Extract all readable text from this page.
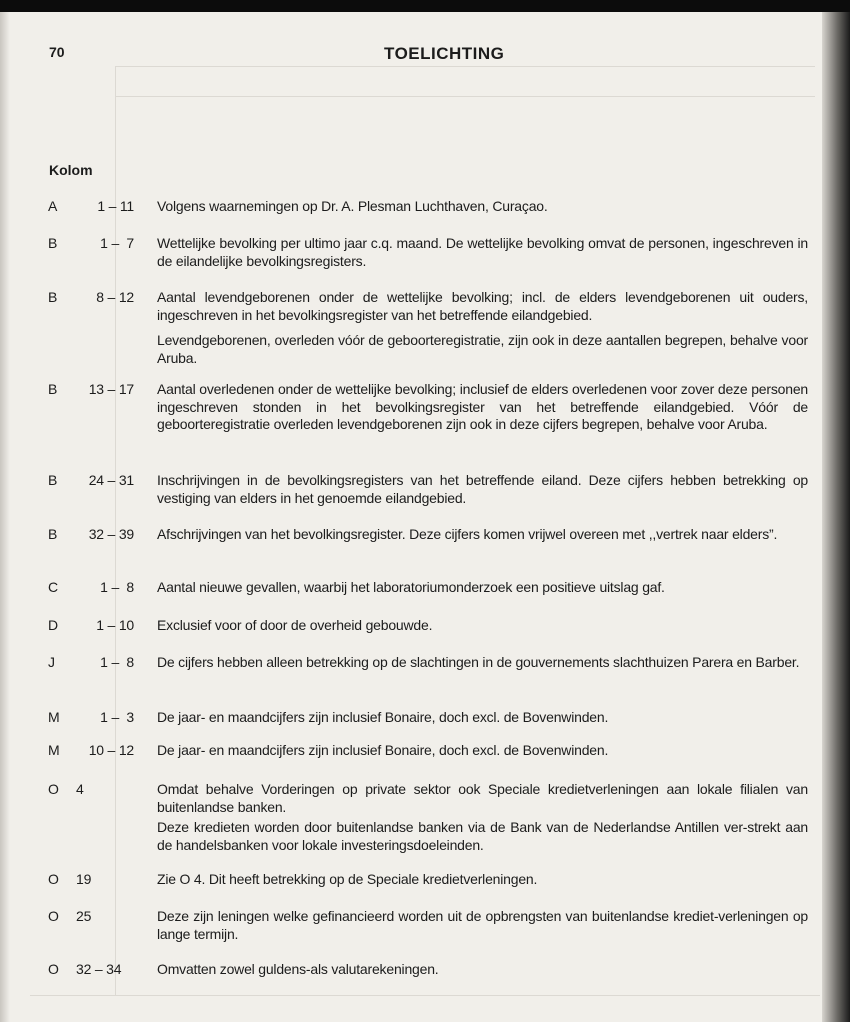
70	TOELICHTING
Kolom
A	1 – 11 Volgens waarnemingen op Dr. A. Plesman Luchthaven, Curaçao.
B	1 –  7 Wettelijke bevolking per ultimo jaar c.q. maand. De wettelijke bevolking omvat de personen, ingeschreven in de eilandelijke bevolkingsregisters.
B	8 – 12 Aantal levendgeborenen onder de wettelijke bevolking; incl. de elders levendgeborenen uit ouders, ingeschreven in het bevolkingsregister van het betreffende eilandgebied.
Levendgeborenen, overleden vóór de geboorteregistratie, zijn ook in deze aantallen begrepen, behalve voor Aruba.
B	13 – 17 Aantal overledenen onder de wettelijke bevolking; inclusief de elders overledenen voor zover deze personen ingeschreven stonden in het bevolkingsregister van het betreffende eilandgebied. Vóór de geboorteregistratie overleden levendgeborenen zijn ook in deze cijfers begrepen, behalve voor Aruba.
B	24 – 31 Inschrijvingen in de bevolkingsregisters van het betreffende eiland. Deze cijfers hebben betrekking op vestiging van elders in het genoemde eilandgebied.
B	32 – 39 Afschrijvingen van het bevolkingsregister. Deze cijfers komen vrijwel overeen met ,,vertrek naar elders”.
C	1 –  8 Aantal nieuwe gevallen, waarbij het laboratoriumonderzoek een positieve uitslag gaf.
D	1 – 10 Exclusief voor of door de overheid gebouwde.
J	1 –  8 De cijfers hebben alleen betrekking op de slachtingen in de gouvernements slachthuizen Parera en Barber.
M	1 –  3 De jaar- en maandcijfers zijn inclusief Bonaire, doch excl. de Bovenwinden.
M	10 – 12 De jaar- en maandcijfers zijn inclusief Bonaire, doch excl. de Bovenwinden.
O 4	Omdat behalve Vorderingen op private sektor ook Speciale kredietverleningen aan lokale filialen van buitenlandse banken.
Deze kredieten worden door buitenlandse banken via de Bank van de Nederlandse Antillen ver-strekt aan de handelsbanken voor lokale investeringsdoeleinden.
O 19	Zie O 4. Dit heeft betrekking op de Speciale kredietverleningen.
O 25	Deze zijn leningen welke gefinancieerd worden uit de opbrengsten van buitenlandse krediet-verleningen op lange termijn.
O 32 – 34	Omvatten zowel guldens-als valutarekeningen.
